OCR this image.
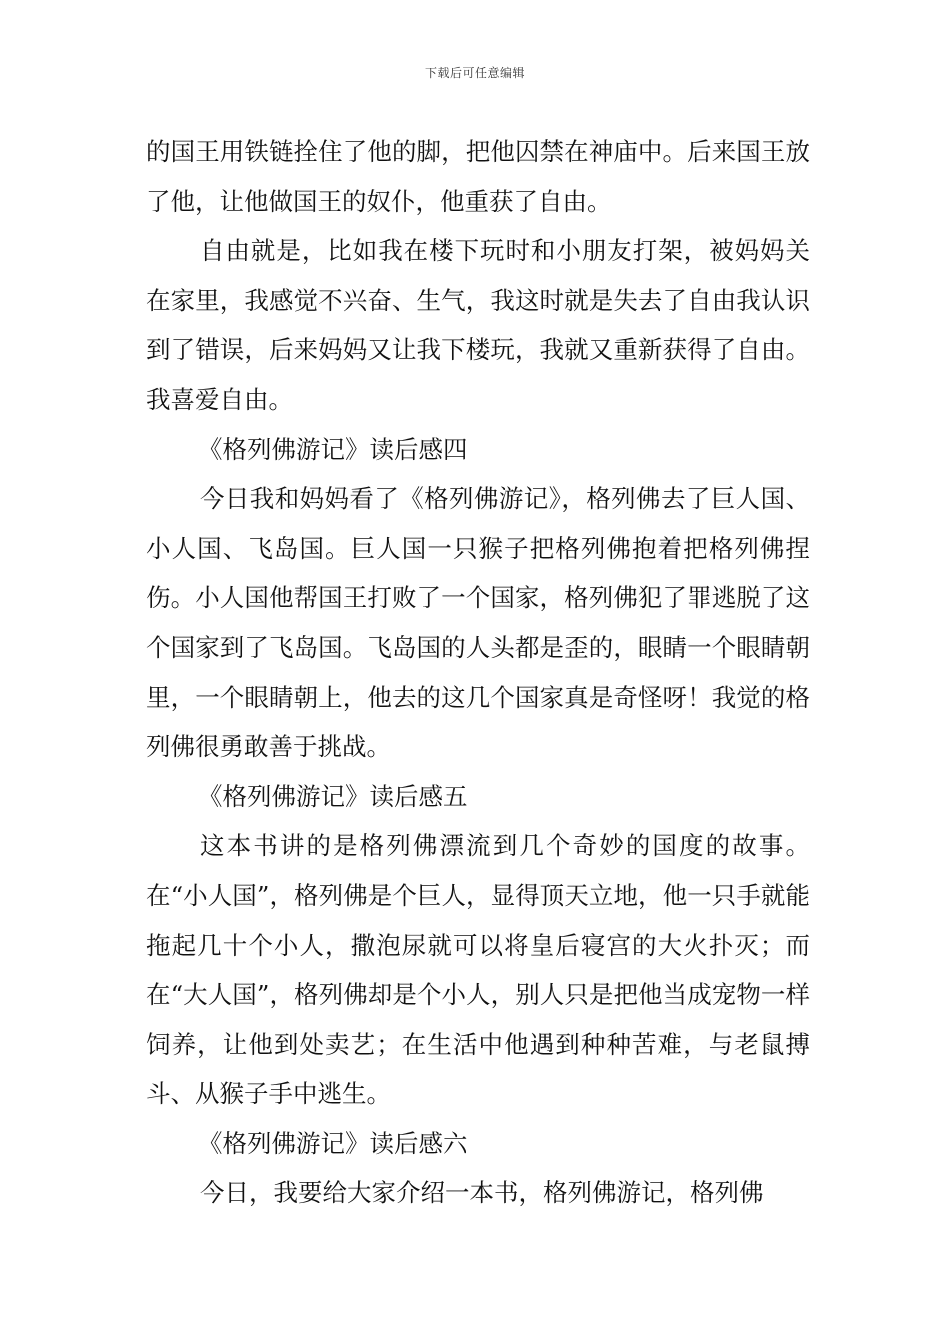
下载后可任意编辑

的国王用铁链拴住了他的脚，把他囚禁在神庙中。后来国王放了他，让他做国王的奴仆，他重获了自由。

自由就是，比如我在楼下玩时和小朋友打架，被妈妈关在家里，我感觉不兴奋、生气，我这时就是失去了自由我认识到了错误，后来妈妈又让我下楼玩，我就又重新获得了自由。我喜爱自由。

《格列佛游记》读后感四

今日我和妈妈看了《格列佛游记》，格列佛去了巨人国、小人国、飞岛国。巨人国一只猴子把格列佛抱着把格列佛捏伤。小人国他帮国王打败了一个国家，格列佛犯了罪逃脱了这个国家到了飞岛国。飞岛国的人头都是歪的，眼睛一个眼睛朝里，一个眼睛朝上，他去的这几个国家真是奇怪呀！我觉的格列佛很勇敢善于挑战。

《格列佛游记》读后感五

这本书讲的是格列佛漂流到几个奇妙的国度的故事。在“小人国”，格列佛是个巨人，显得顶天立地，他一只手就能拖起几十个小人，撒泡尿就可以将皇后寝宫的大火扑灭；而在“大人国”，格列佛却是个小人，别人只是把他当成宠物一样饲养，让他到处卖艺；在生活中他遇到种种苦难，与老鼠搏斗、从猴子手中逃生。

《格列佛游记》读后感六

今日，我要给大家介绍一本书，格列佛游记，格列佛
